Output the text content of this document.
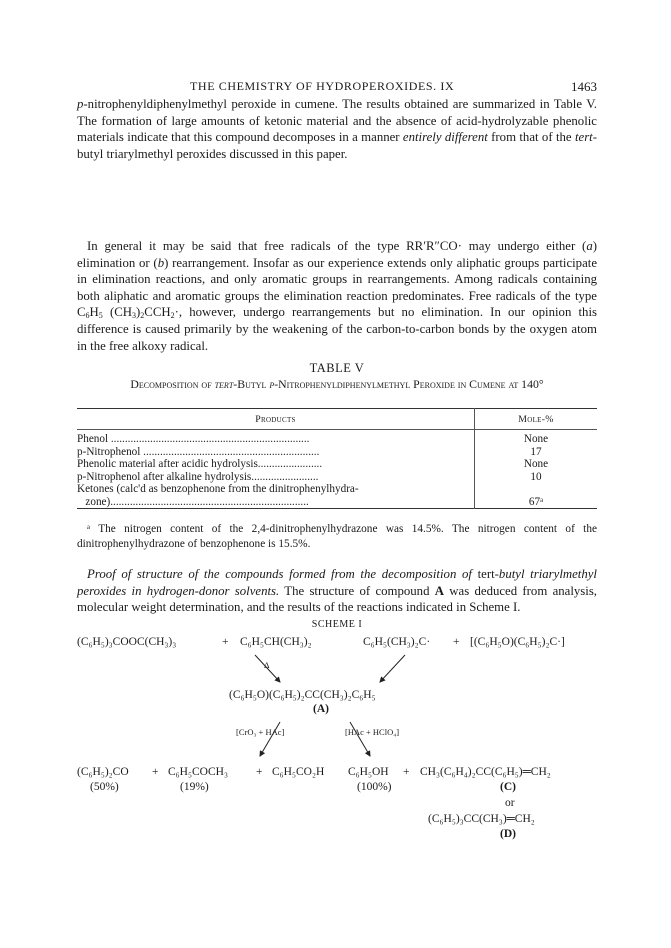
THE CHEMISTRY OF HYDROPEROXIDES. IX	1463
p-nitrophenyldiphenylmethyl peroxide in cumene. The results obtained are summarized in Table V. The formation of large amounts of ketonic material and the absence of acid-hydrolyzable phenolic materials indicate that this compound decomposes in a manner entirely different from that of the tert-butyl triarylmethyl peroxides discussed in this paper.
In general it may be said that free radicals of the type RR′R″CO· may undergo either (a) elimination or (b) rearrangement. Insofar as our experience extends only aliphatic groups participate in elimination reactions, and only aromatic groups in rearrangements. Among radicals containing both aliphatic and aromatic groups the elimination reaction predominates. Free radicals of the type $C_6H_5$ $(CH_3)_2CCH_2\cdot$, however, undergo rearrangements but no elimination. In our opinion this difference is caused primarily by the weakening of the carbon-to-carbon bonds by the oxygen atom in the free alkoxy radical.
TABLE V
Decomposition of tert-Butyl p-Nitrophenyldiphenylmethyl Peroxide in Cumene at 140°
Products	Mole-%
Phenol .......................................................................	None
p-Nitrophenol ...............................................................	17
Phenolic material after acidic hydrolysis.......................	None
p-Nitrophenol after alkaline hydrolysis........................	10
Ketones (calc'd as benzophenone from the dinitrophenylhydra-	
zone).......................................................................	67ᵃ
ᵃ The nitrogen content of the 2,4-dinitrophenylhydrazone was 14.5%. The nitrogen content of the dinitrophenylhydrazone of benzophenone is 15.5%.
Proof of structure of the compounds formed from the decomposition of tert-butyl triarylmethyl peroxides in hydrogen-donor solvents. The structure of compound A was deduced from analysis, molecular weight determination, and the results of the reactions indicated in Scheme I.
SCHEME I
(C₆H₅)₃COOC(CH₃)₃	+ C₆H₅CH(CH₃)₂	C₆H₅(CH₃)₂C· + [(C₆H₅O)(C₆H₅)₂C·]
Δ
(C₆H₅O)(C₆H₅)₂CC(CH₃)₂C₆H₅
(A)
[CrO₃ + HAc]	[HAc + HClO₄]
(C₆H₅)₂CO + C₆H₅COCH₃ + C₆H₅CO₂H C₆H₅OH + CH₃(C₆H₄)₂CC(C₆H₅)═CH₂
(50%)	(19%)	(100%)	(C)
or
(C₆H₅)₃CC(CH₃)═CH₂
(D)
